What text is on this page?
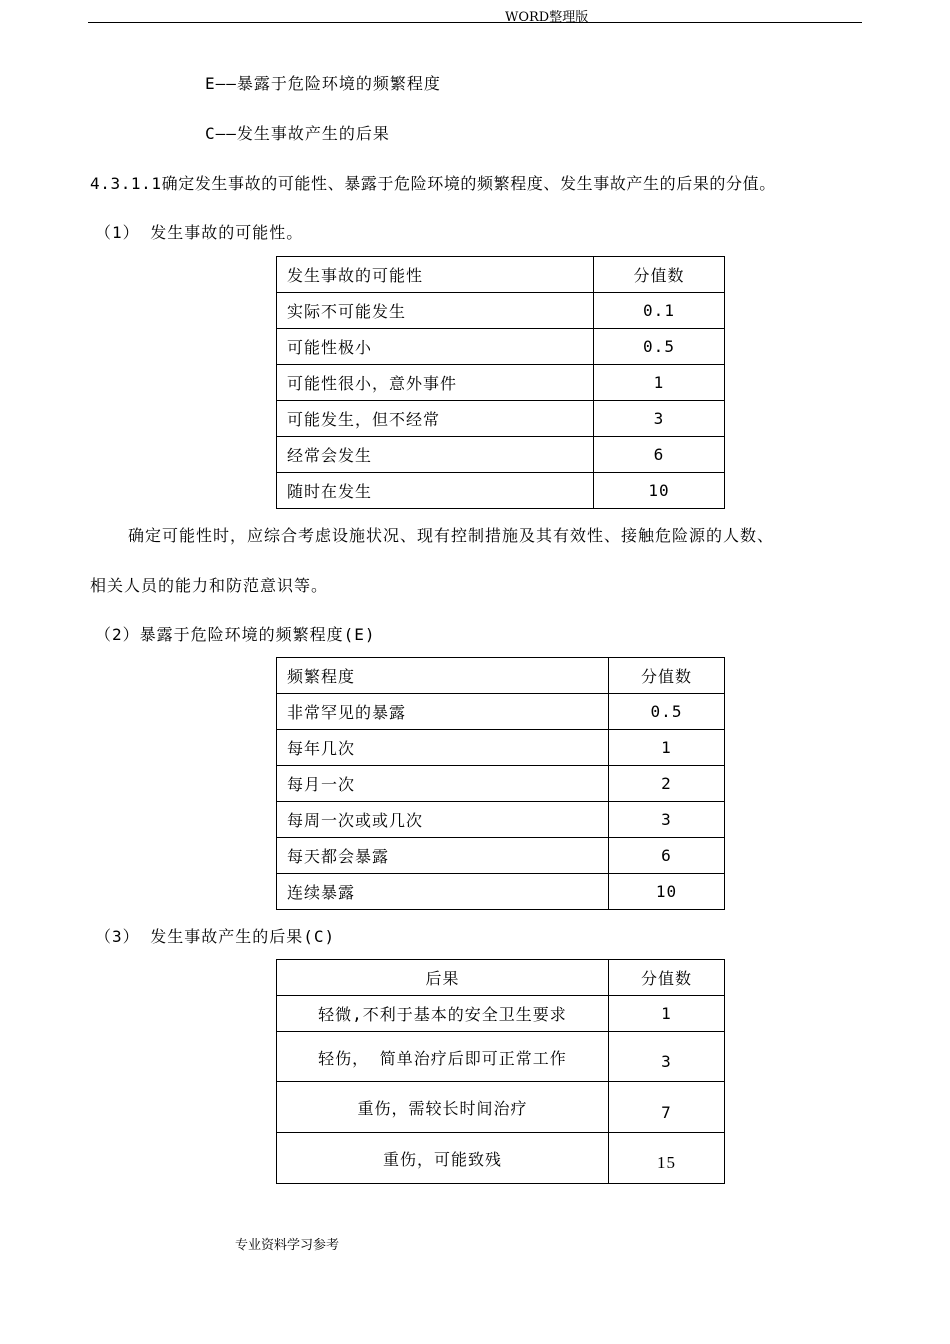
WORD整理版
E——暴露于危险环境的频繁程度
C——发生事故产生的后果
4.3.1.1确定发生事故的可能性、暴露于危险环境的频繁程度、发生事故产生的后果的分值。
（1） 发生事故的可能性。
发生事故的可能性	分值数
实际不可能发生	0.1
可能性极小	0.5
可能性很小，意外事件	1
可能发生，但不经常	3
经常会发生	6
随时在发生	10
确定可能性时，应综合考虑设施状况、现有控制措施及其有效性、接触危险源的人数、
相关人员的能力和防范意识等。
（2）暴露于危险环境的频繁程度(E)
频繁程度	分值数
非常罕见的暴露	0.5
每年几次	1
每月一次	2
每周一次或或几次	3
每天都会暴露	6
连续暴露	10
（3） 发生事故产生的后果(C)
后果	分值数
轻微,不利于基本的安全卫生要求	1
轻伤， 简单治疗后即可正常工作	3
重伤，需较长时间治疗	7
重伤，可能致残	15
专业资料学习参考
